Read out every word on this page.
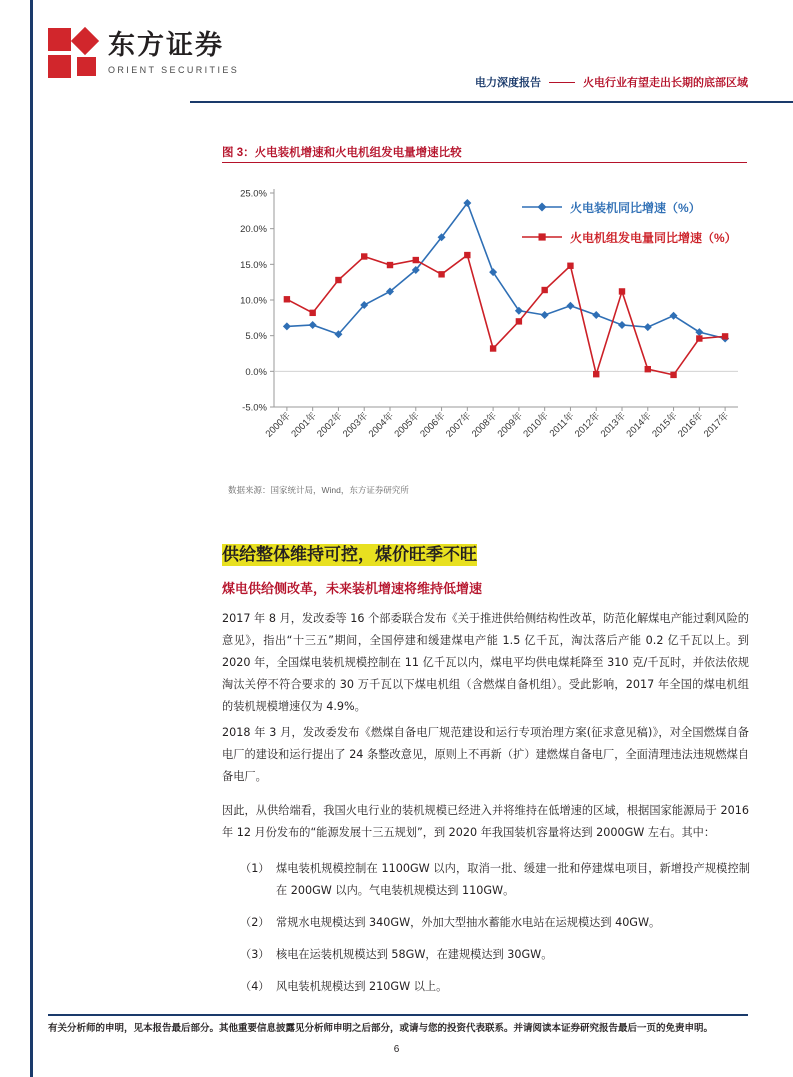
东方证券
ORIENT SECURITIES
电力深度报告	火电行业有望走出长期的底部区域
图 3：火电装机增速和火电机组发电量增速比较
-5.0%
0.0%
5.0%
10.0%
15.0%
20.0%
25.0%
2000年
2001年
2002年
2003年
2004年
2005年
2006年
2007年
2008年
2009年
2010年
2011年
2012年
2013年
2014年
2015年
2016年
2017年
火电装机同比增速（%）
火电机组发电量同比增速（%）
数据来源：国家统计局，Wind，东方证券研究所
供给整体维持可控，煤价旺季不旺
煤电供给侧改革，未来装机增速将维持低增速
2017 年 8 月，发改委等 16 个部委联合发布《关于推进供给侧结构性改革，防范化解煤电产能过剩风险的意见》，指出“十三五”期间，全国停建和缓建煤电产能 1.5 亿千瓦，淘汰落后产能 0.2 亿千瓦以上。到 2020 年，全国煤电装机规模控制在 11 亿千瓦以内，煤电平均供电煤耗降至 310 克/千瓦时，并依法依规淘汰关停不符合要求的 30 万千瓦以下煤电机组（含燃煤自备机组）。受此影响，2017 年全国的煤电机组的装机规模增速仅为 4.9%。
2018 年 3 月，发改委发布《燃煤自备电厂规范建设和运行专项治理方案(征求意见稿)》，对全国燃煤自备电厂的建设和运行提出了 24 条整改意见，原则上不再新（扩）建燃煤自备电厂，全面清理违法违规燃煤自备电厂。
因此，从供给端看，我国火电行业的装机规模已经进入并将维持在低增速的区域，根据国家能源局于 2016 年 12 月份发布的“能源发展十三五规划”，到 2020 年我国装机容量将达到 2000GW 左右。其中：
（1） 煤电装机规模控制在 1100GW 以内，取消一批、缓建一批和停建煤电项目，新增投产规模控制在 200GW 以内。气电装机规模达到 110GW。
（2） 常规水电规模达到 340GW，外加大型抽水蓄能水电站在运规模达到 40GW。
（3） 核电在运装机规模达到 58GW，在建规模达到 30GW。
（4） 风电装机规模达到 210GW 以上。
有关分析师的申明，见本报告最后部分。其他重要信息披露见分析师申明之后部分，或请与您的投资代表联系。并请阅读本证券研究报告最后一页的免责申明。
6
